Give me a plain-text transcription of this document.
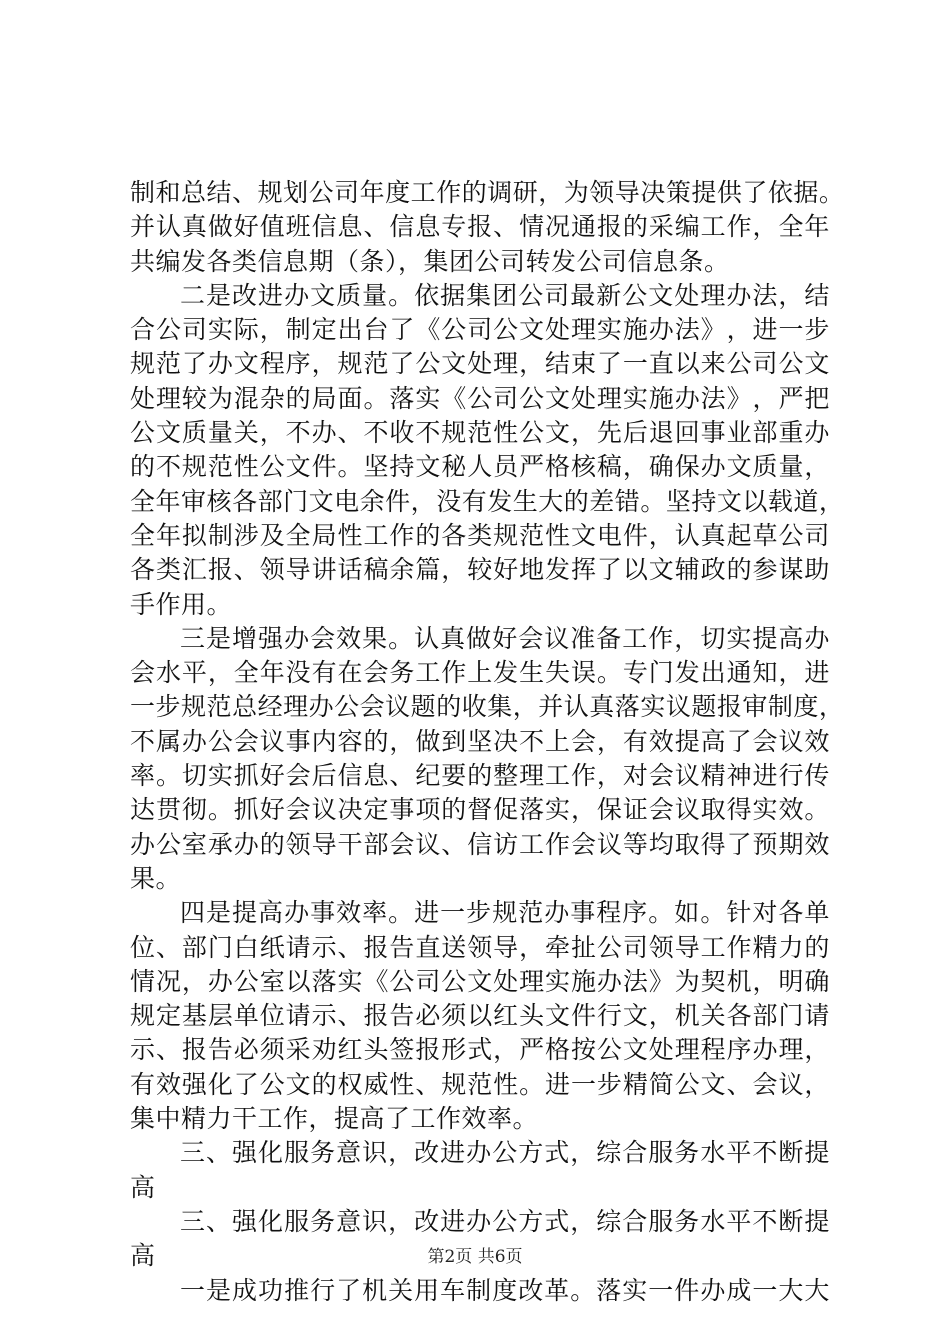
制 和 总 结 、 规 划 公 司 年 度 工 作 的 调 研 ， 为 领 导 决 策 提 供 了 依 据 。
并 认 真 做 好 值 班 信 息 、 信 息 专 报 、 情 况 通 报 的 采 编 工 作 ， 全 年
共编发各类信息期（条），集团公司转发公司信息条。
二 是 改 进 办 文 质 量 。 依 据 集 团 公 司 最 新 公 文 处 理 办 法 ， 结
合 公 司 实 际 ， 制 定 出 台 了 《 公 司 公 文 处 理 实 施 办 法 》 ， 进 一 步
规 范 了 办 文 程 序 ， 规 范 了 公 文 处 理 ， 结 束 了 一 直 以 来 公 司 公 文
处 理 较 为 混 杂 的 局 面 。 落 实 《 公 司 公 文 处 理 实 施 办 法 》 ， 严 把
公 文 质 量 关 ， 不 办 、 不 收 不 规 范 性 公 文 ， 先 后 退 回 事 业 部 重 办
的 不 规 范 性 公 文 件 。 坚 持 文 秘 人 员 严 格 核 稿 ， 确 保 办 文 质 量 ，
全 年 审 核 各 部 门 文 电 余 件 ， 没 有 发 生 大 的 差 错 。 坚 持 文 以 载 道 ，
全 年 拟 制 涉 及 全 局 性 工 作 的 各 类 规 范 性 文 电 件 ， 认 真 起 草 公 司
各 类 汇 报 、 领 导 讲 话 稿 余 篇 ， 较 好 地 发 挥 了 以 文 辅 政 的 参 谋 助
手作用。
三 是 增 强 办 会 效 果 。 认 真 做 好 会 议 准 备 工 作 ， 切 实 提 高 办
会 水 平 ， 全 年 没 有 在 会 务 工 作 上 发 生 失 误 。 专 门 发 出 通 知 ， 进
一 步 规 范 总 经 理 办 公 会 议 题 的 收 集 ， 并 认 真 落 实 议 题 报 审 制 度 ，
不 属 办 公 会 议 事 内 容 的 ， 做 到 坚 决 不 上 会 ， 有 效 提 高 了 会 议 效
率 。 切 实 抓 好 会 后 信 息 、 纪 要 的 整 理 工 作 ， 对 会 议 精 神 进 行 传
达 贯 彻 。 抓 好 会 议 决 定 事 项 的 督 促 落 实 ， 保 证 会 议 取 得 实 效 。
办 公 室 承 办 的 领 导 干 部 会 议 、 信 访 工 作 会 议 等 均 取 得 了 预 期 效
果。
四 是 提 高 办 事 效 率 。 进 一 步 规 范 办 事 程 序 。 如 。 针 对 各 单
位 、 部 门 白 纸 请 示 、 报 告 直 送 领 导 ， 牵 扯 公 司 领 导 工 作 精 力 的
情 况 ， 办 公 室 以 落 实 《 公 司 公 文 处 理 实 施 办 法 》 为 契 机 ， 明 确
规 定 基 层 单 位 请 示 、 报 告 必 须 以 红 头 文 件 行 文 ， 机 关 各 部 门 请
示 、 报 告 必 须 采 劝 红 头 签 报 形 式 ， 严 格 按 公 文 处 理 程 序 办 理 ，
有 效 强 化 了 公 文 的 权 威 性 、 规 范 性 。 进 一 步 精 简 公 文 、 会 议 ，
集中精力干工作，提高了工作效率。
三 、 强 化 服 务 意 识 ， 改 进 办 公 方 式 ， 综 合 服 务 水 平 不 断 提
高
三 、 强 化 服 务 意 识 ， 改 进 办 公 方 式 ， 综 合 服 务 水 平 不 断 提
高
一 是 成 功 推 行 了 机 关 用 车 制 度 改 革 。 落 实 一 件 办 成 一 大 大
第2页 共6页
